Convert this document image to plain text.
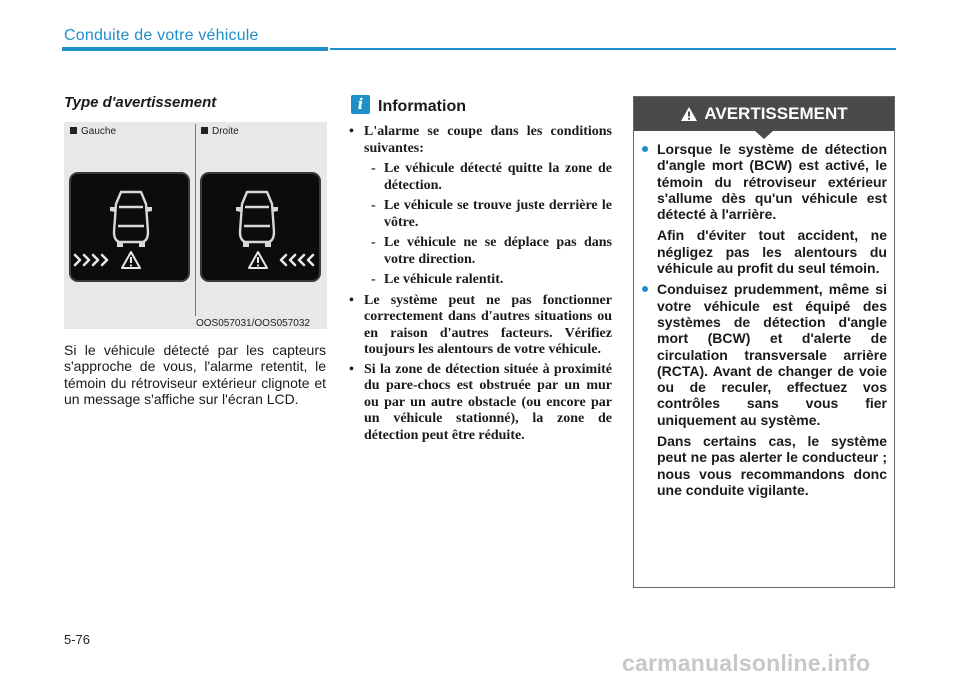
Conduite de votre véhicule
Type d'avertissement
Gauche	Droite
OOS057031/OOS057032
Si le véhicule détecté par les capteurs s'approche de vous, l'alarme retentit, le témoin du rétroviseur extérieur clignote et un message s'affiche sur l'écran LCD.
i Information
• L'alarme se coupe dans les conditions suivantes:
- Le véhicule détecté quitte la zone de détection.
- Le véhicule se trouve juste derrière le vôtre.
- Le véhicule ne se déplace pas dans votre direction.
- Le véhicule ralentit.
• Le système peut ne pas fonctionner correctement dans d'autres situations ou en raison d'autres facteurs. Vérifiez toujours les alentours de votre véhicule.
• Si la zone de détection située à proximité du pare-chocs est obstruée par un mur ou par un autre obstacle (ou encore par un véhicule stationné), la zone de détection peut être réduite.
AVERTISSEMENT

Lorsque le système de détection d'angle mort (BCW) est activé, le témoin du rétroviseur extérieur s'allume dès qu'un véhicule est détecté à l'arrière.

Afin d'éviter tout accident, ne négligez pas les alentours du véhicule au profit du seul témoin.

Conduisez prudemment, même si votre véhicule est équipé des systèmes de détection d'angle mort (BCW) et d'alerte de circulation transversale arrière (RCTA). Avant de changer de voie ou de reculer, effectuez vos contrôles sans vous fier uniquement au système.

Dans certains cas, le système peut ne pas alerter le conducteur ; nous vous recommandons donc une conduite vigilante.

5-76
carmanualsonline.info
